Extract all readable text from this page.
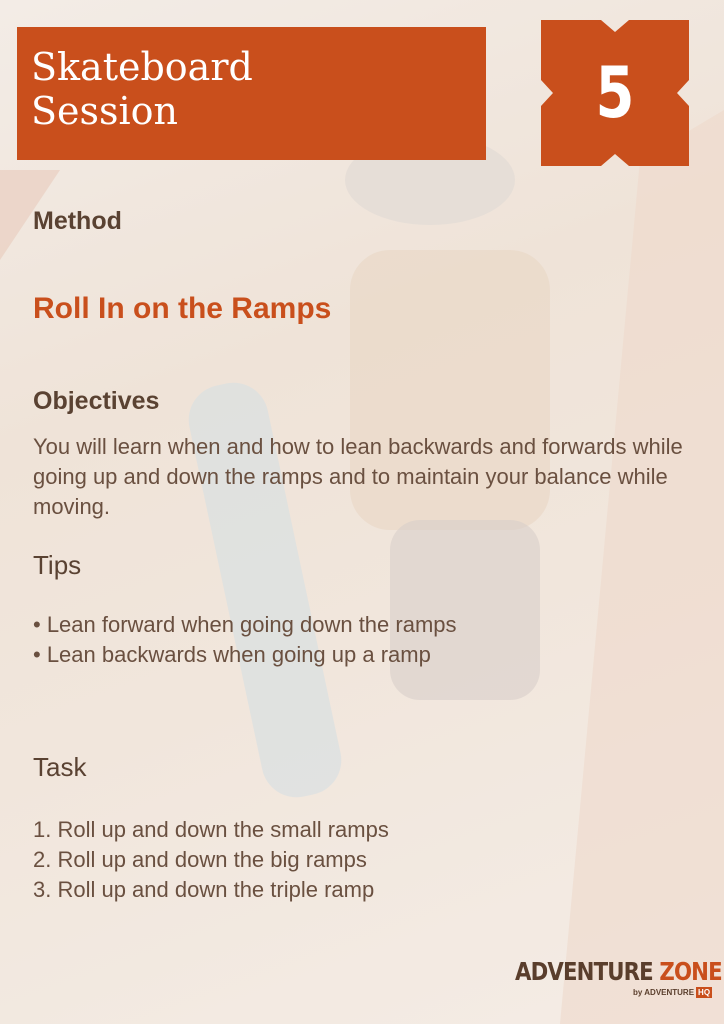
Skateboard
Session	5
Method
Roll In on the Ramps
Objectives
You will learn when and how to lean backwards and forwards while going up and down the ramps and to maintain your balance while moving.
Tips
• Lean forward when going down the ramps
• Lean backwards when going up a ramp
Task
1. Roll up and down the small ramps
2. Roll up and down the big ramps
3. Roll up and down the triple ramp
ADVENTURE ZONE
by ADVENTURE HQ
